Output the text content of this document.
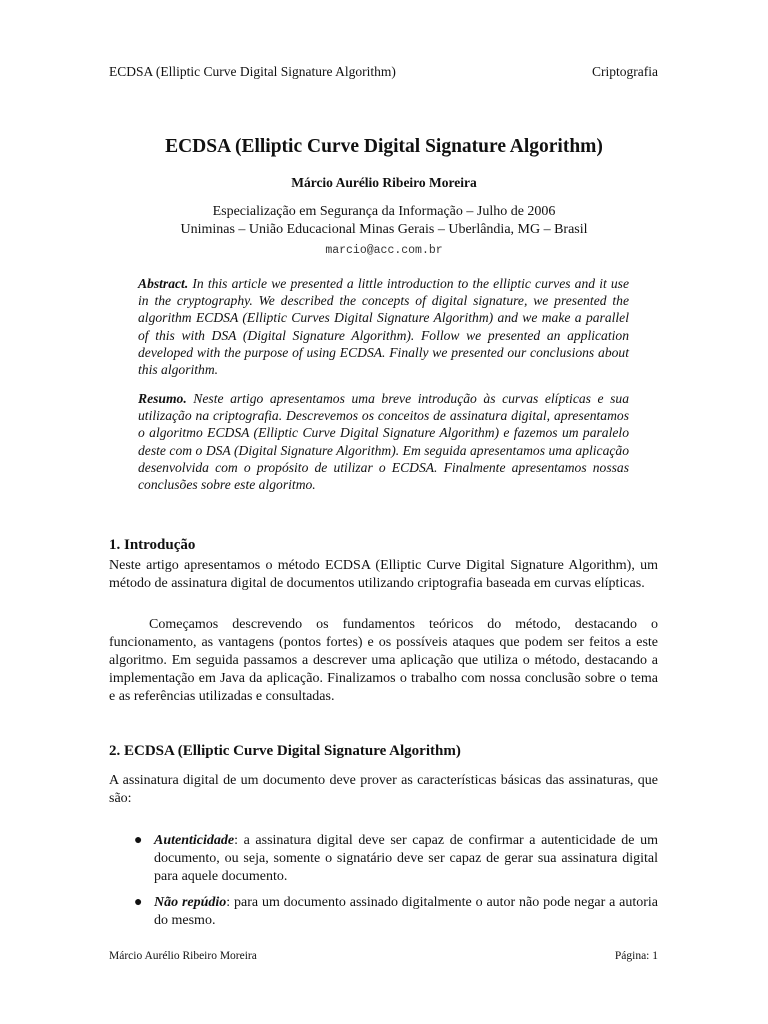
ECDSA (Elliptic Curve Digital Signature Algorithm)	Criptografia
ECDSA (Elliptic Curve Digital Signature Algorithm)
Márcio Aurélio Ribeiro Moreira
Especialização em Segurança da Informação – Julho de 2006
Uniminas – União Educacional Minas Gerais – Uberlândia, MG – Brasil
marcio@acc.com.br

Abstract. In this article we presented a little introduction to the elliptic curves and it use in the cryptography. We described the concepts of digital signature, we presented the algorithm ECDSA (Elliptic Curves Digital Signature Algorithm) and we make a parallel of this with DSA (Digital Signature Algorithm). Follow we presented an application developed with the purpose of using ECDSA. Finally we presented our conclusions about this algorithm.

Resumo. Neste artigo apresentamos uma breve introdução às curvas elípticas e sua utilização na criptografia. Descrevemos os conceitos de assinatura digital, apresentamos o algoritmo ECDSA (Elliptic Curve Digital Signature Algorithm) e fazemos um paralelo deste com o DSA (Digital Signature Algorithm). Em seguida apresentamos uma aplicação desenvolvida com o propósito de utilizar o ECDSA. Finalmente apresentamos nossas conclusões sobre este algoritmo.

1. Introdução

Neste artigo apresentamos o método ECDSA (Elliptic Curve Digital Signature Algorithm), um método de assinatura digital de documentos utilizando criptografia baseada em curvas elípticas.

Começamos descrevendo os fundamentos teóricos do método, destacando o funcionamento, as vantagens (pontos fortes) e os possíveis ataques que podem ser feitos a este algoritmo. Em seguida passamos a descrever uma aplicação que utiliza o método, destacando a implementação em Java da aplicação. Finalizamos o trabalho com nossa conclusão sobre o tema e as referências utilizadas e consultadas.

2. ECDSA (Elliptic Curve Digital Signature Algorithm)

A assinatura digital de um documento deve prover as características básicas das assinaturas, que são:

● Autenticidade: a assinatura digital deve ser capaz de confirmar a autenticidade de um documento, ou seja, somente o signatário deve ser capaz de gerar sua assinatura digital para aquele documento.
● Não repúdio: para um documento assinado digitalmente o autor não pode negar a autoria do mesmo.
Márcio Aurélio Ribeiro Moreira	Página: 1
